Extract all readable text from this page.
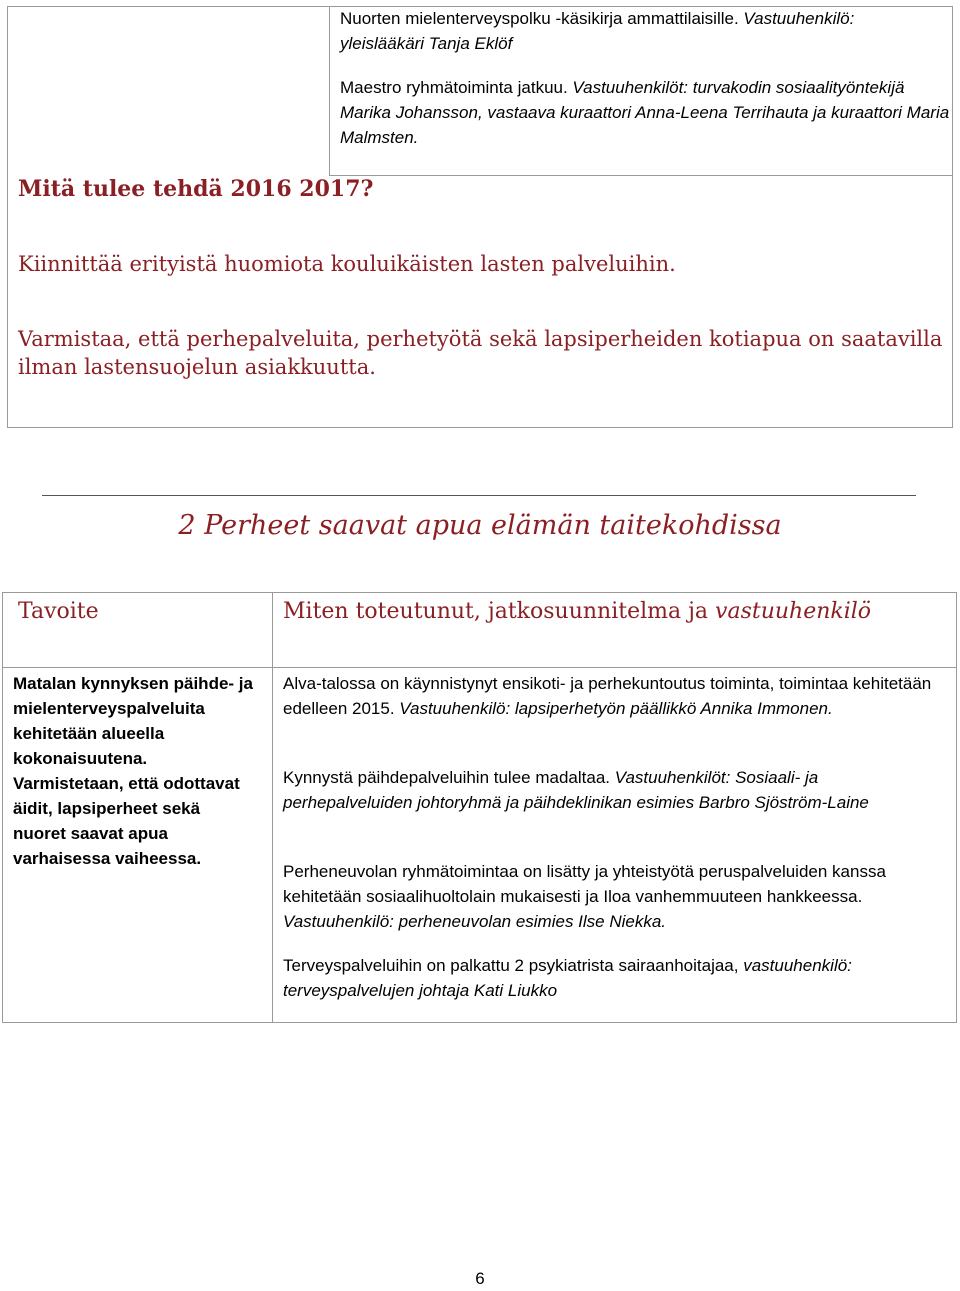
Nuorten mielenterveyspolku -käsikirja ammattilaisille. Vastuuhenkilö: yleislääkäri Tanja Eklöf
Maestro ryhmätoiminta jatkuu. Vastuuhenkilöt: turvakodin sosiaalityöntekijä Marika Johansson, vastaava kuraattori Anna-Leena Terrihauta ja kuraattori Maria Malmsten.
Mitä tulee tehdä 2016 2017?
Kiinnittää erityistä huomiota kouluikäisten lasten palveluihin.
Varmistaa, että perhepalveluita, perhetyötä sekä lapsiperheiden kotiapua on saatavilla ilman lastensuojelun asiakkuutta.
2 Perheet saavat apua elämän taitekohdissa
Tavoite	Miten toteutunut, jatkosuunnitelma ja vastuuhenkilö
Matalan kynnyksen päihde- ja mielenterveyspalveluita kehitetään alueella kokonaisuutena. Varmistetaan, että odottavat äidit, lapsiperheet sekä nuoret saavat apua varhaisessa vaiheessa.
Alva-talossa on käynnistynyt ensikoti- ja perhekuntoutus toiminta, toimintaa kehitetään edelleen 2015. Vastuuhenkilö: lapsiperhetyön päällikkö Annika Immonen.
Kynnystä päihdepalveluihin tulee madaltaa. Vastuuhenkilöt: Sosiaali- ja perhepalveluiden johtoryhmä ja päihdeklinikan esimies Barbro Sjöström-Laine
Perheneuvolan ryhmätoimintaa on lisätty ja yhteistyötä peruspalveluiden kanssa kehitetään sosiaalihuoltolain mukaisesti ja Iloa vanhemmuuteen hankkeessa. Vastuuhenkilö: perheneuvolan esimies Ilse Niekka.
Terveyspalveluihin on palkattu 2 psykiatrista sairaanhoitajaa, vastuuhenkilö: terveyspalvelujen johtaja Kati Liukko
6
